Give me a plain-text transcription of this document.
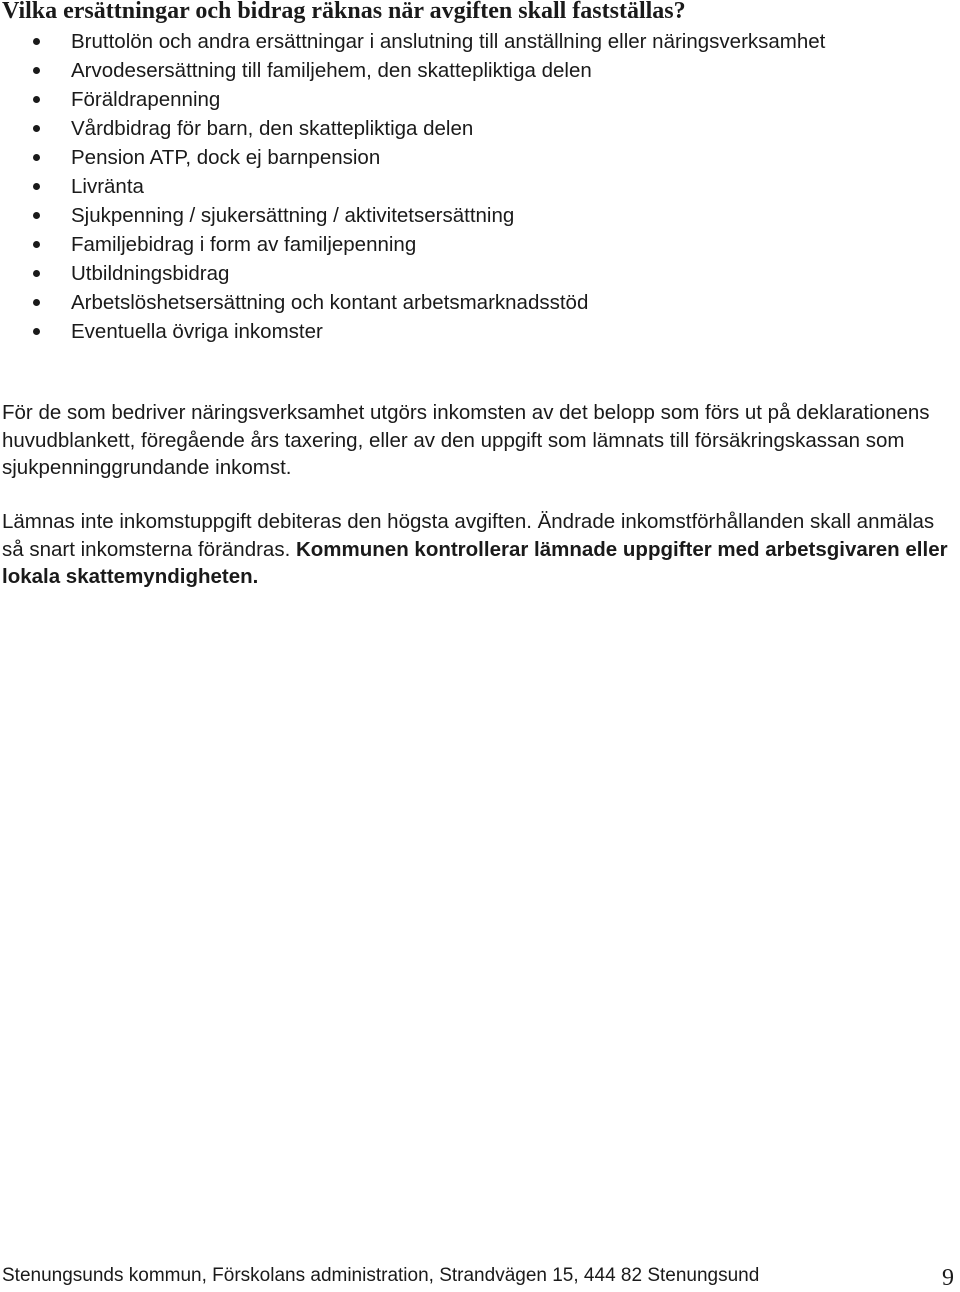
Vilka ersättningar och bidrag räknas när avgiften skall fastställas?
Bruttolön och andra ersättningar i anslutning till anställning eller näringsverksamhet
Arvodesersättning till familjehem, den skattepliktiga delen
Föräldrapenning
Vårdbidrag för barn, den skattepliktiga delen
Pension ATP, dock ej barnpension
Livränta
Sjukpenning / sjukersättning / aktivitetsersättning
Familjebidrag i form av familjepenning
Utbildningsbidrag
Arbetslöshetsersättning och kontant arbetsmarknadsstöd
Eventuella övriga inkomster

För de som bedriver näringsverksamhet utgörs inkomsten av det belopp som förs ut på deklarationens huvudblankett, föregående års taxering, eller av den uppgift som lämnats till försäkringskassan som sjukpenninggrundande inkomst.

Lämnas inte inkomstuppgift debiteras den högsta avgiften. Ändrade inkomstförhållanden skall anmälas så snart inkomsterna förändras. Kommunen kontrollerar lämnade uppgifter med arbetsgivaren eller lokala skattemyndigheten.

Stenungsunds kommun, Förskolans administration, Strandvägen 15, 444 82 Stenungsund	9
